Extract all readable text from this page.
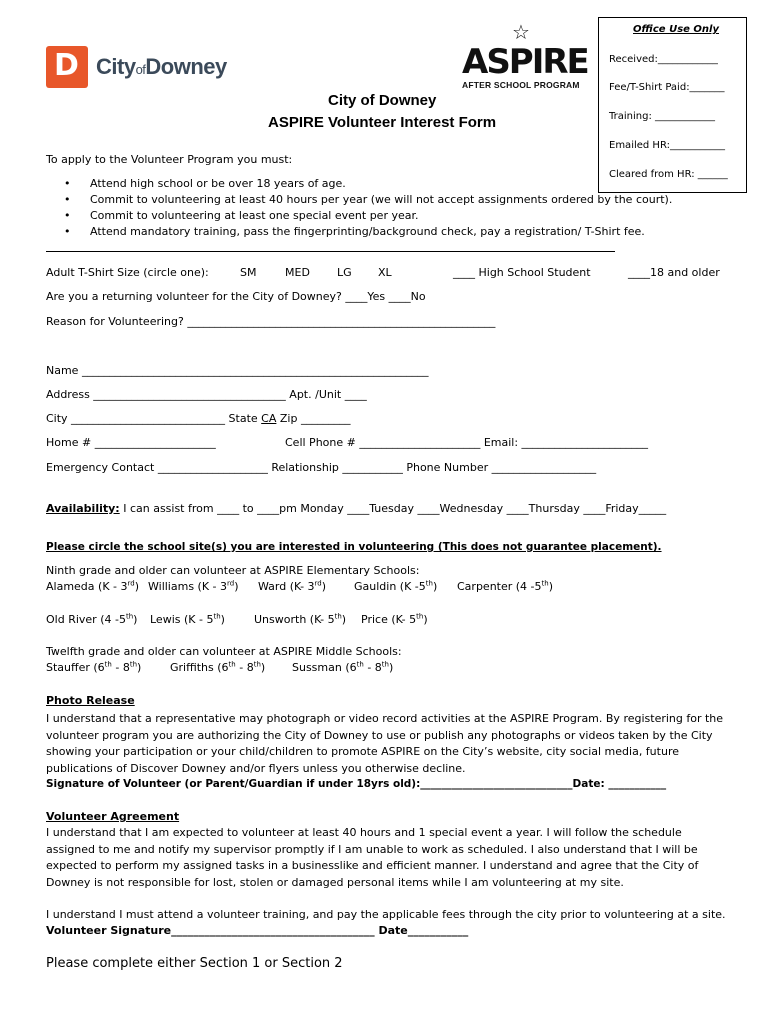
D CityofDowney
☆
ASPIRE
AFTER SCHOOL PROGRAM
City of Downey
ASPIRE Volunteer Interest Form
Office Use Only
Received:____________
Fee/T-Shirt Paid:_______
Training: ____________
Emailed HR:___________
Cleared from HR: ______
To apply to the Volunteer Program you must:
• Attend high school or be over 18 years of age.
• Commit to volunteering at least 40 hours per year (we will not accept assignments ordered by the court).
• Commit to volunteering at least one special event per year.
• Attend mandatory training, pass the fingerprinting/background check, pay a registration/ T-Shirt fee.
Adult T-Shirt Size (circle one):	SM	MED LG XL	____ High School Student	____18 and older
Are you a returning volunteer for the City of Downey? ____Yes ____No
Reason for Volunteering? ________________________________________________________
Name _______________________________________________________________
Address ___________________________________ Apt. /Unit ____
City ____________________________ State CA Zip _________
Home # ______________________	Cell Phone # ______________________ Email: _______________________
Emergency Contact ____________________ Relationship ___________ Phone Number ___________________
Availability: I can assist from ____ to ____pm Monday ____Tuesday ____Wednesday ____Thursday ____Friday_____
Please circle the school site(s) you are interested in volunteering (This does not guarantee placement).
Ninth grade and older can volunteer at ASPIRE Elementary Schools:
Alameda (K - 3rd) Williams (K - 3rd) Ward (K- 3rd)	Gauldin (K -5th) Carpenter (4 -5th)
Old River (4 -5th) Lewis (K - 5th)	Unsworth (K- 5th) Price (K- 5th)
Twelfth grade and older can volunteer at ASPIRE Middle Schools:
Stauffer (6th - 8th)	Griffiths (6th - 8th) Sussman (6th - 8th)
Photo Release
I understand that a representative may photograph or video record activities at the ASPIRE Program. By registering for the volunteer program you are authorizing the City of Downey to use or publish any photographs or videos taken by the City showing your participation or your child/children to promote ASPIRE on the City’s website, city social media, future publications of Discover Downey and/or flyers unless you otherwise decline.
Signature of Volunteer (or Parent/Guardian if under 18yrs old):_____________________________Date: ___________
Volunteer Agreement
I understand that I am expected to volunteer at least 40 hours and 1 special event a year. I will follow the schedule assigned to me and notify my supervisor promptly if I am unable to work as scheduled. I also understand that I will be expected to perform my assigned tasks in a businesslike and efficient manner. I understand and agree that the City of Downey is not responsible for lost, stolen or damaged personal items while I am volunteering at my site.
I understand I must attend a volunteer training, and pay the applicable fees through the city prior to volunteering at a site.
Volunteer Signature_____________________________________ Date___________
Please complete either Section 1 or Section 2
